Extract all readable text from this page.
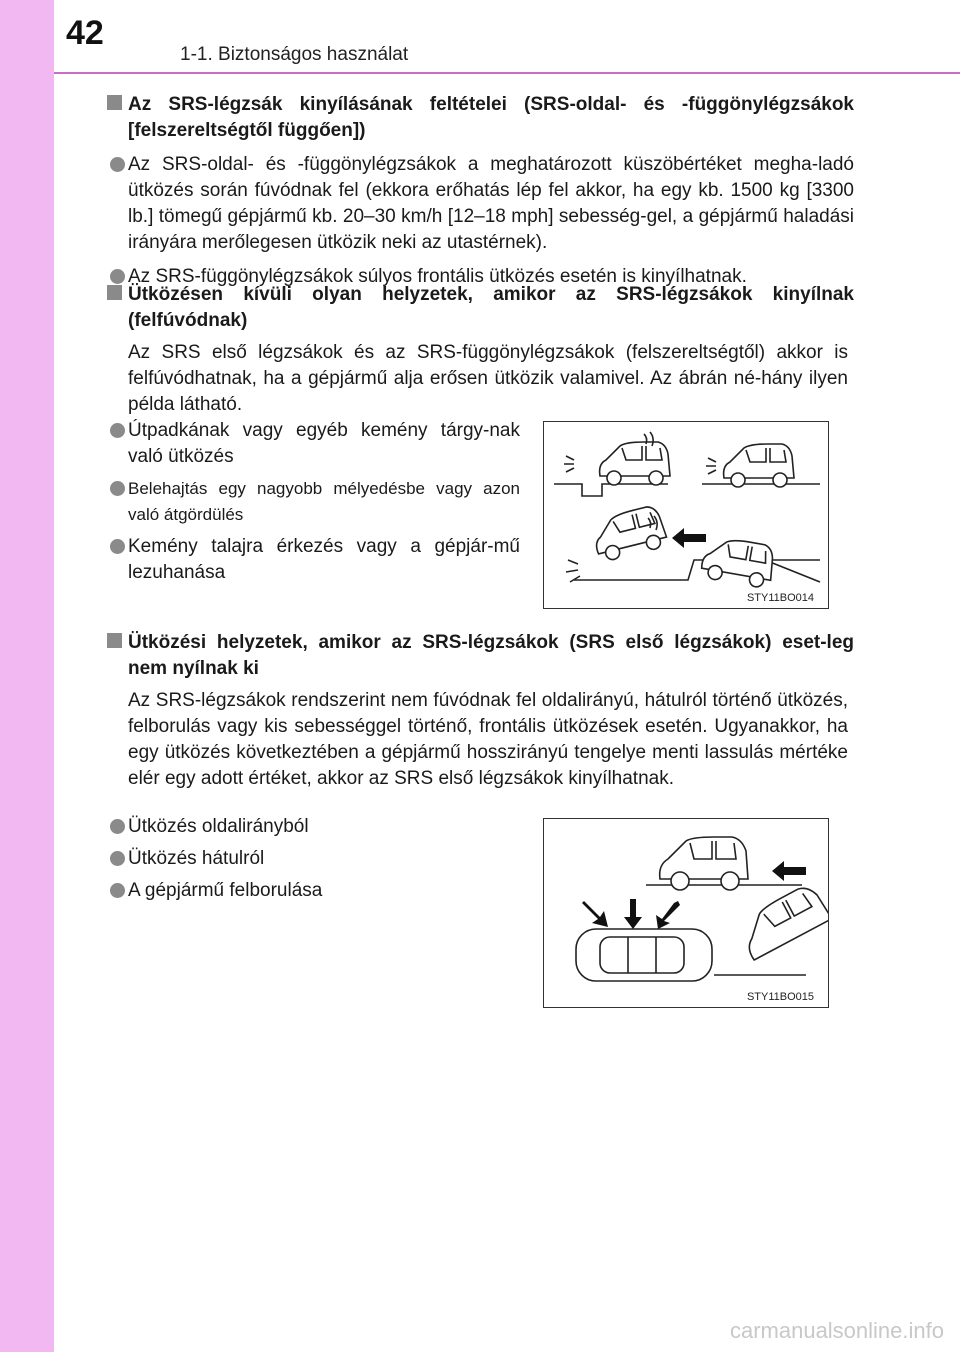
42
1-1. Biztonságos használat
Az SRS-légzsák kinyílásának feltételei (SRS-oldal- és -függönylégzsákok [felszereltségtől függően])
Az SRS-oldal- és -függönylégzsákok a meghatározott küszöbértéket megha-ladó ütközés során fúvódnak fel (ekkora erőhatás lép fel akkor, ha egy kb. 1500 kg [3300 lb.] tömegű gépjármű kb. 20–30 km/h [12–18 mph] sebesség-gel, a gépjármű haladási irányára merőlegesen ütközik neki az utastérnek).
Az SRS-függönylégzsákok súlyos frontális ütközés esetén is kinyílhatnak.
Ütközésen kívüli olyan helyzetek, amikor az SRS-légzsákok kinyílnak (felfúvódnak)
Az SRS első légzsákok és az SRS-függönylégzsákok (felszereltségtől) akkor is felfúvódhatnak, ha a gépjármű alja erősen ütközik valamivel. Az ábrán né-hány ilyen példa látható.
Útpadkának vagy egyéb kemény tárgy-nak való ütközés
Belehajtás egy nagyobb mélyedésbe vagy azon való átgördülés
Kemény talajra érkezés vagy a gépjár-mű lezuhanása
STY11BO014
Ütközési helyzetek, amikor az SRS-légzsákok (SRS első légzsákok) eset-leg nem nyílnak ki
Az SRS-légzsákok rendszerint nem fúvódnak fel oldalirányú, hátulról történő ütközés, felborulás vagy kis sebességgel történő, frontális ütközések esetén. Ugyanakkor, ha egy ütközés következtében a gépjármű hosszirányú tengelye menti lassulás mértéke elér egy adott értéket, akkor az SRS első légzsákok kinyílhatnak.
Ütközés oldalirányból
Ütközés hátulról
A gépjármű felborulása
STY11BO015
carmanualsonline.info
